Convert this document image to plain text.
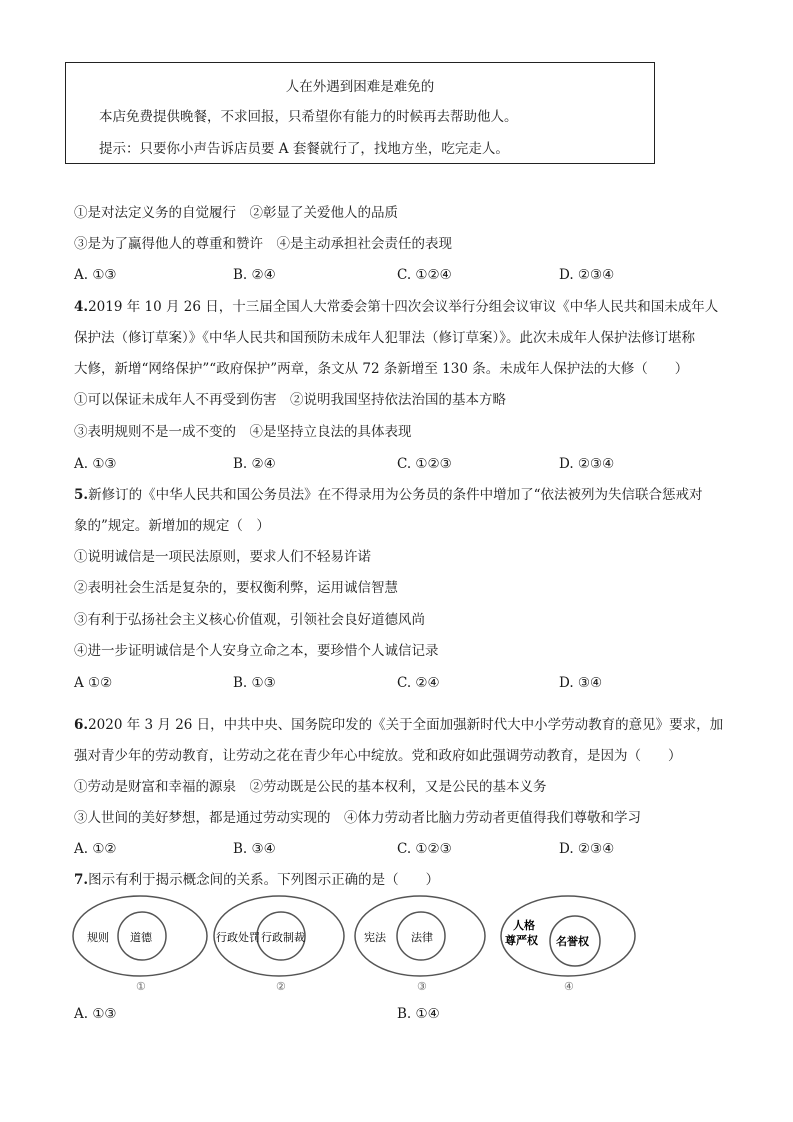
人在外遇到困难是难免的
本店免费提供晚餐，不求回报，只希望你有能力的时候再去帮助他人。
提示：只要你小声告诉店员要 A 套餐就行了，找地方坐，吃完走人。
①是对法定义务的自觉履行　②彰显了关爱他人的品质
③是为了赢得他人的尊重和赞许　④是主动承担社会责任的表现
A. ①③	B. ②④	C. ①②④	D. ②③④
4.2019 年 10 月 26 日，十三届全国人大常委会第十四次会议举行分组会议审议《中华人民共和国未成年人
保护法（修订草案）》《中华人民共和国预防未成年人犯罪法（修订草案）》。此次未成年人保护法修订堪称
大修，新增“网络保护”“政府保护”两章，条文从 72 条新增至 130 条。未成年人保护法的大修（　　）
①可以保证未成年人不再受到伤害　②说明我国坚持依法治国的基本方略
③表明规则不是一成不变的　④是坚持立良法的具体表现
A. ①③	B. ②④	C. ①②③	D. ②③④
5.新修订的《中华人民共和国公务员法》在不得录用为公务员的条件中增加了“依法被列为失信联合惩戒对
象的”规定。新增加的规定（　）
①说明诚信是一项民法原则，要求人们不轻易许诺
②表明社会生活是复杂的，要权衡利弊，运用诚信智慧
③有利于弘扬社会主义核心价值观，引领社会良好道德风尚
④进一步证明诚信是个人安身立命之本，要珍惜个人诚信记录
A ①②	B. ①③	C. ②④	D. ③④
6.2020 年 3 月 26 日，中共中央、国务院印发的《关于全面加强新时代大中小学劳动教育的意见》要求，加
强对青少年的劳动教育，让劳动之花在青少年心中绽放。党和政府如此强调劳动教育，是因为（　　）
①劳动是财富和幸福的源泉　②劳动既是公民的基本权利，又是公民的基本义务
③人世间的美好梦想，都是通过劳动实现的　④体力劳动者比脑力劳动者更值得我们尊敬和学习
A. ①②	B. ③④	C. ①②③	D. ②③④
7.图示有利于揭示概念间的关系。下列图示正确的是（　　）
规则 道德
①
行政处罚 行政制裁
②
宪法 法律
③
人格
尊严权 名誉权
④
A. ①③	B. ①④
